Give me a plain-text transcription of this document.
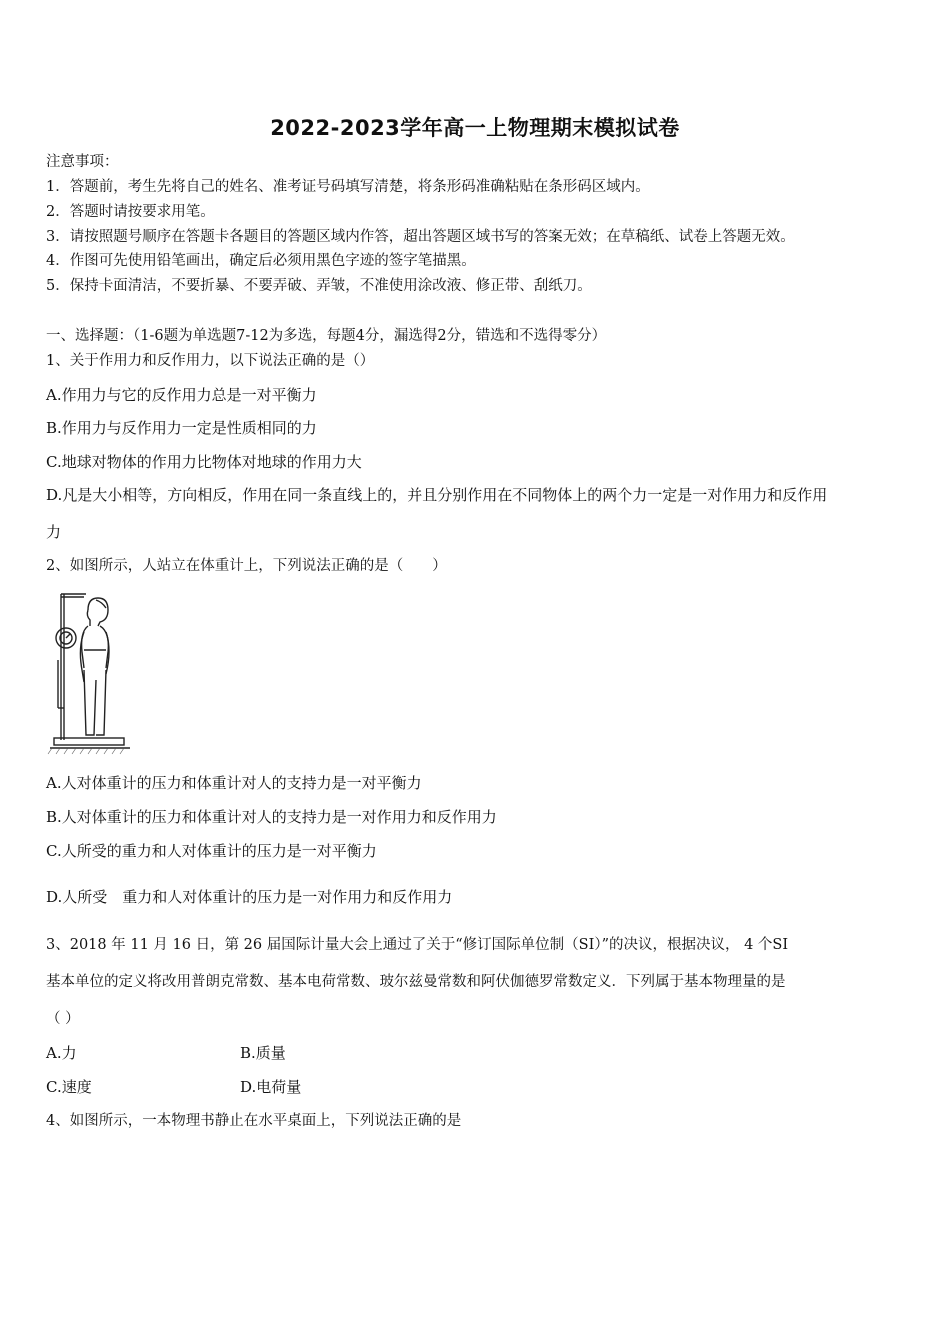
2022-2023学年高一上物理期末模拟试卷
注意事项：
1．答题前，考生先将自己的姓名、准考证号码填写清楚，将条形码准确粘贴在条形码区域内。
2．答题时请按要求用笔。
3．请按照题号顺序在答题卡各题目的答题区域内作答，超出答题区域书写的答案无效；在草稿纸、试卷上答题无效。
4．作图可先使用铅笔画出，确定后必须用黑色字迹的签字笔描黑。
5．保持卡面清洁，不要折暴、不要弄破、弄皱，不准使用涂改液、修正带、刮纸刀。
一、选择题：（1-6题为单选题7-12为多选，每题4分，漏选得2分，错选和不选得零分）
1、关于作用力和反作用力，以下说法正确的是（）
A.作用力与它的反作用力总是一对平衡力
B.作用力与反作用力一定是性质相同的力
C.地球对物体的作用力比物体对地球的作用力大
D.凡是大小相等，方向相反，作用在同一条直线上的，并且分别作用在不同物体上的两个力一定是一对作用力和反作用
力
2、如图所示，人站立在体重计上，下列说法正确的是（　　）
A.人对体重计的压力和体重计对人的支持力是一对平衡力
B.人对体重计的压力和体重计对人的支持力是一对作用力和反作用力
C.人所受的重力和人对体重计的压力是一对平衡力
D.人所受　重力和人对体重计的压力是一对作用力和反作用力
3、2018 年 11 月 16 日，第 26 届国际计量大会上通过了关于“修订国际单位制（SI）”的决议，根据决议， 4 个SI
基本单位的定义将改用普朗克常数、基本电荷常数、玻尔兹曼常数和阿伏伽德罗常数定义．下列属于基本物理量的是
（ ）
A.力	B.质量
C.速度	D.电荷量
4、如图所示，一本物理书静止在水平桌面上，下列说法正确的是
